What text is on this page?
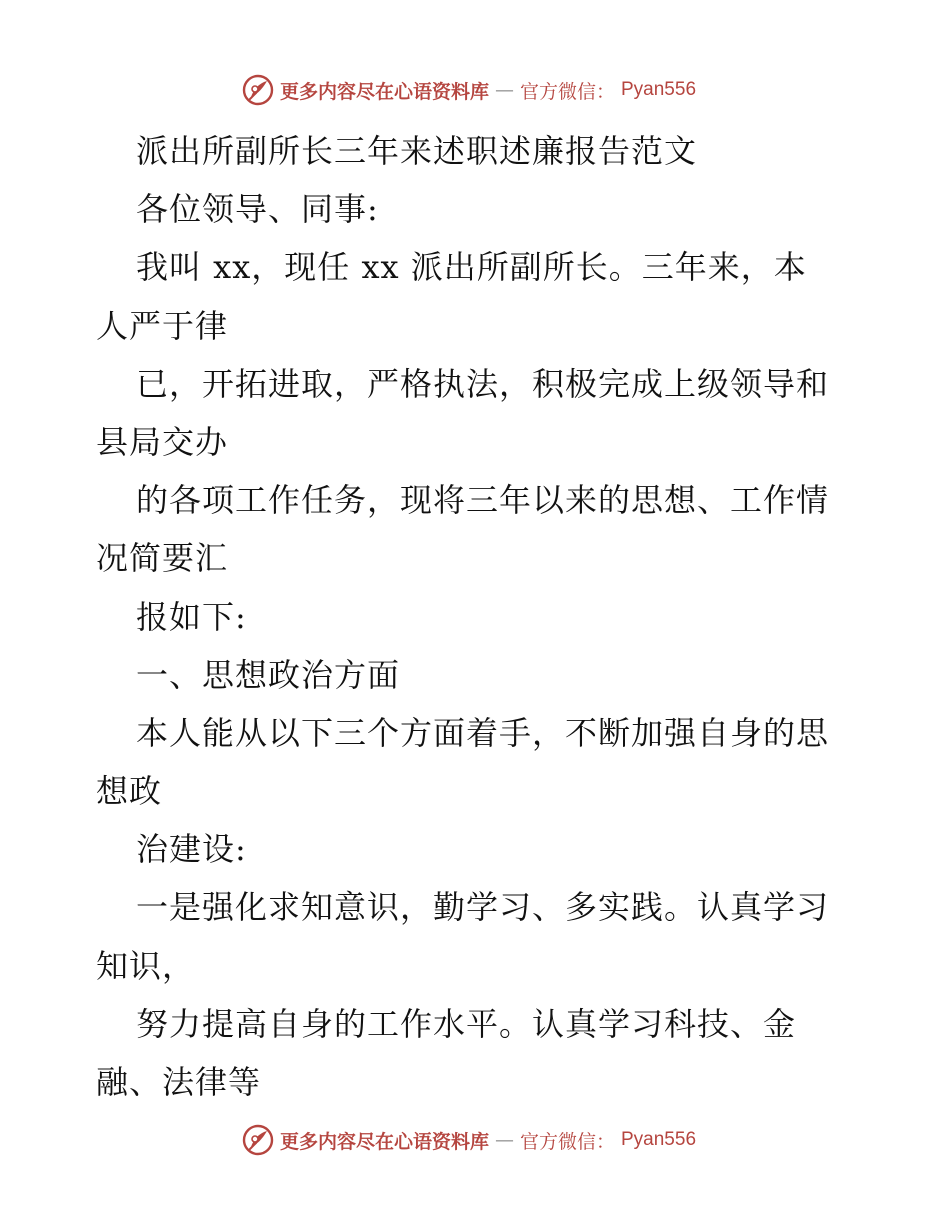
更多内容尽在心语资料库 — 官方微信： Pyan556
派出所副所长三年来述职述廉报告范文
各位领导、同事:
我叫 xx，现任 xx 派出所副所长。三年来，本
人严于律
已，开拓进取，严格执法，积极完成上级领导和
县局交办
的各项工作任务，现将三年以来的思想、工作情
况简要汇
报如下:
一、思想政治方面
本人能从以下三个方面着手，不断加强自身的思
想政
治建设:
一是强化求知意识，勤学习、多实践。认真学习
知识，
努力提高自身的工作水平。认真学习科技、金
融、法律等
更多内容尽在心语资料库 — 官方微信： Pyan556
